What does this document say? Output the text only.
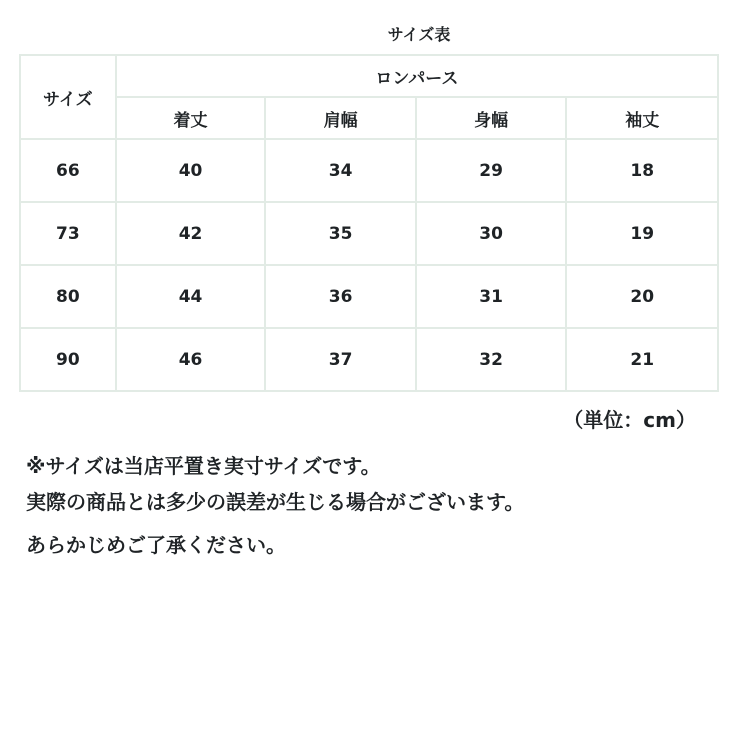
サイズ表
サイズ	ロンパース			
	着丈	肩幅	身幅	袖丈
66	40	34	29	18
73	42	35	30	19
80	44	36	31	20
90	46	37	32	21
（単位：cm）
※サイズは当店平置き実寸サイズです。
実際の商品とは多少の誤差が生じる場合がございます。
あらかじめご了承ください。
